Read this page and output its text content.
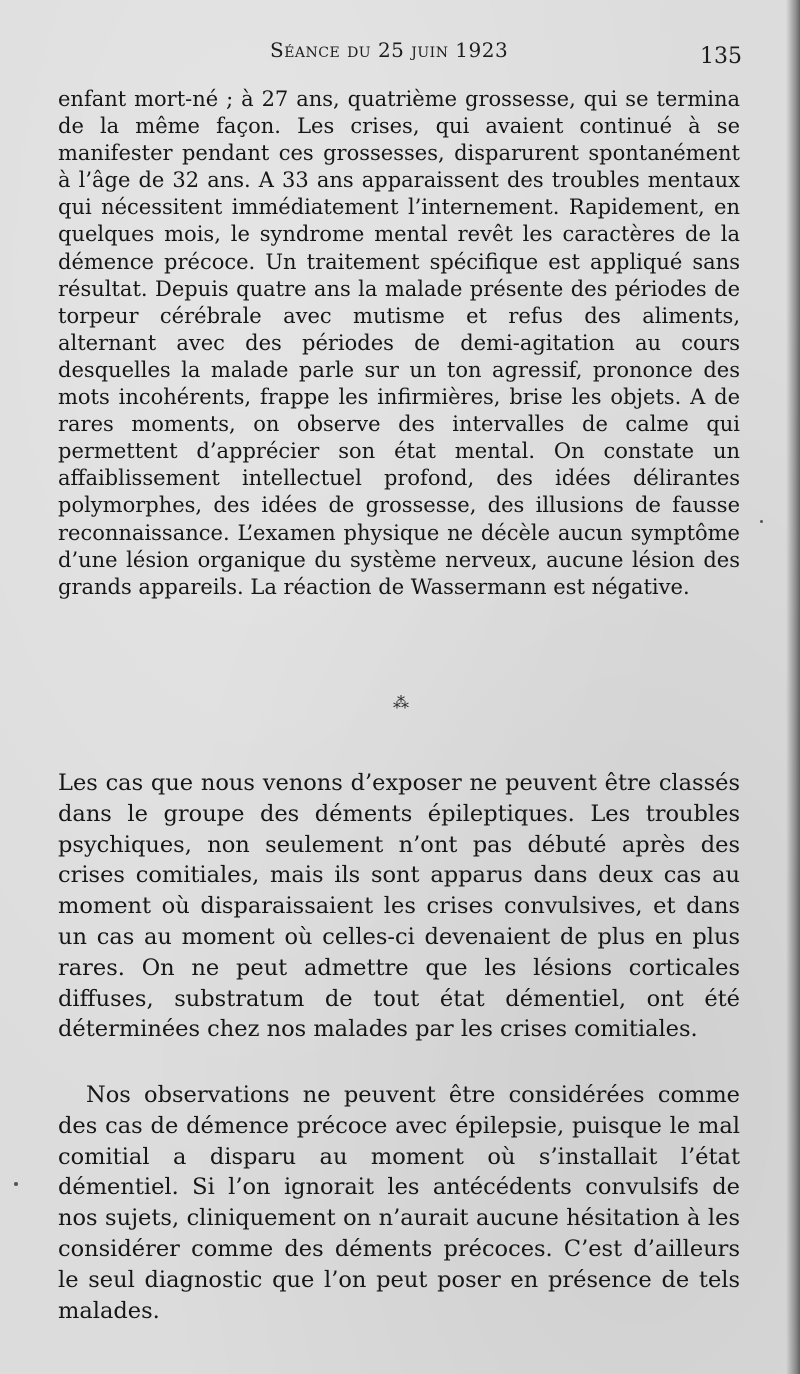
Séance du 25 juin 1923	135

enfant mort-né ; à 27 ans, quatrième grossesse, qui se termina de la même façon. Les crises, qui avaient continué à se manifester pendant ces grossesses, disparurent spontanément à l’âge de 32 ans. A 33 ans apparaissent des troubles mentaux qui nécessitent immédiatement l’internement. Rapidement, en quelques mois, le syndrome mental revêt les caractères de la démence précoce. Un traitement spécifique est appliqué sans résultat. Depuis quatre ans la malade présente des périodes de torpeur cérébrale avec mutisme et refus des aliments, alternant avec des périodes de demi-agitation au cours desquelles la malade parle sur un ton agressif, prononce des mots incohérents, frappe les infirmières, brise les objets. A de rares moments, on observe des intervalles de calme qui permettent d’apprécier son état mental. On constate un affaiblissement intellectuel profond, des idées délirantes polymorphes, des idées de grossesse, des illusions de fausse reconnaissance. L’examen physique ne décèle aucun symptôme d’une lésion organique du système nerveux, aucune lésion des grands appareils. La réaction de Wassermann est négative.

⁂

Les cas que nous venons d’exposer ne peuvent être classés dans le groupe des déments épileptiques. Les troubles psychiques, non seulement n’ont pas débuté après des crises comitiales, mais ils sont apparus dans deux cas au moment où disparaissaient les crises convulsives, et dans un cas au moment où celles-ci devenaient de plus en plus rares. On ne peut admettre que les lésions corticales diffuses, substratum de tout état démentiel, ont été déterminées chez nos malades par les crises comitiales.

Nos observations ne peuvent être considérées comme des cas de démence précoce avec épilepsie, puisque le mal comitial a disparu au moment où s’installait l’état démentiel. Si l’on ignorait les antécédents convulsifs de nos sujets, cliniquement on n’aurait aucune hésitation à les considérer comme des déments précoces. C’est d’ailleurs le seul diagnostic que l’on peut poser en présence de tels malades.
